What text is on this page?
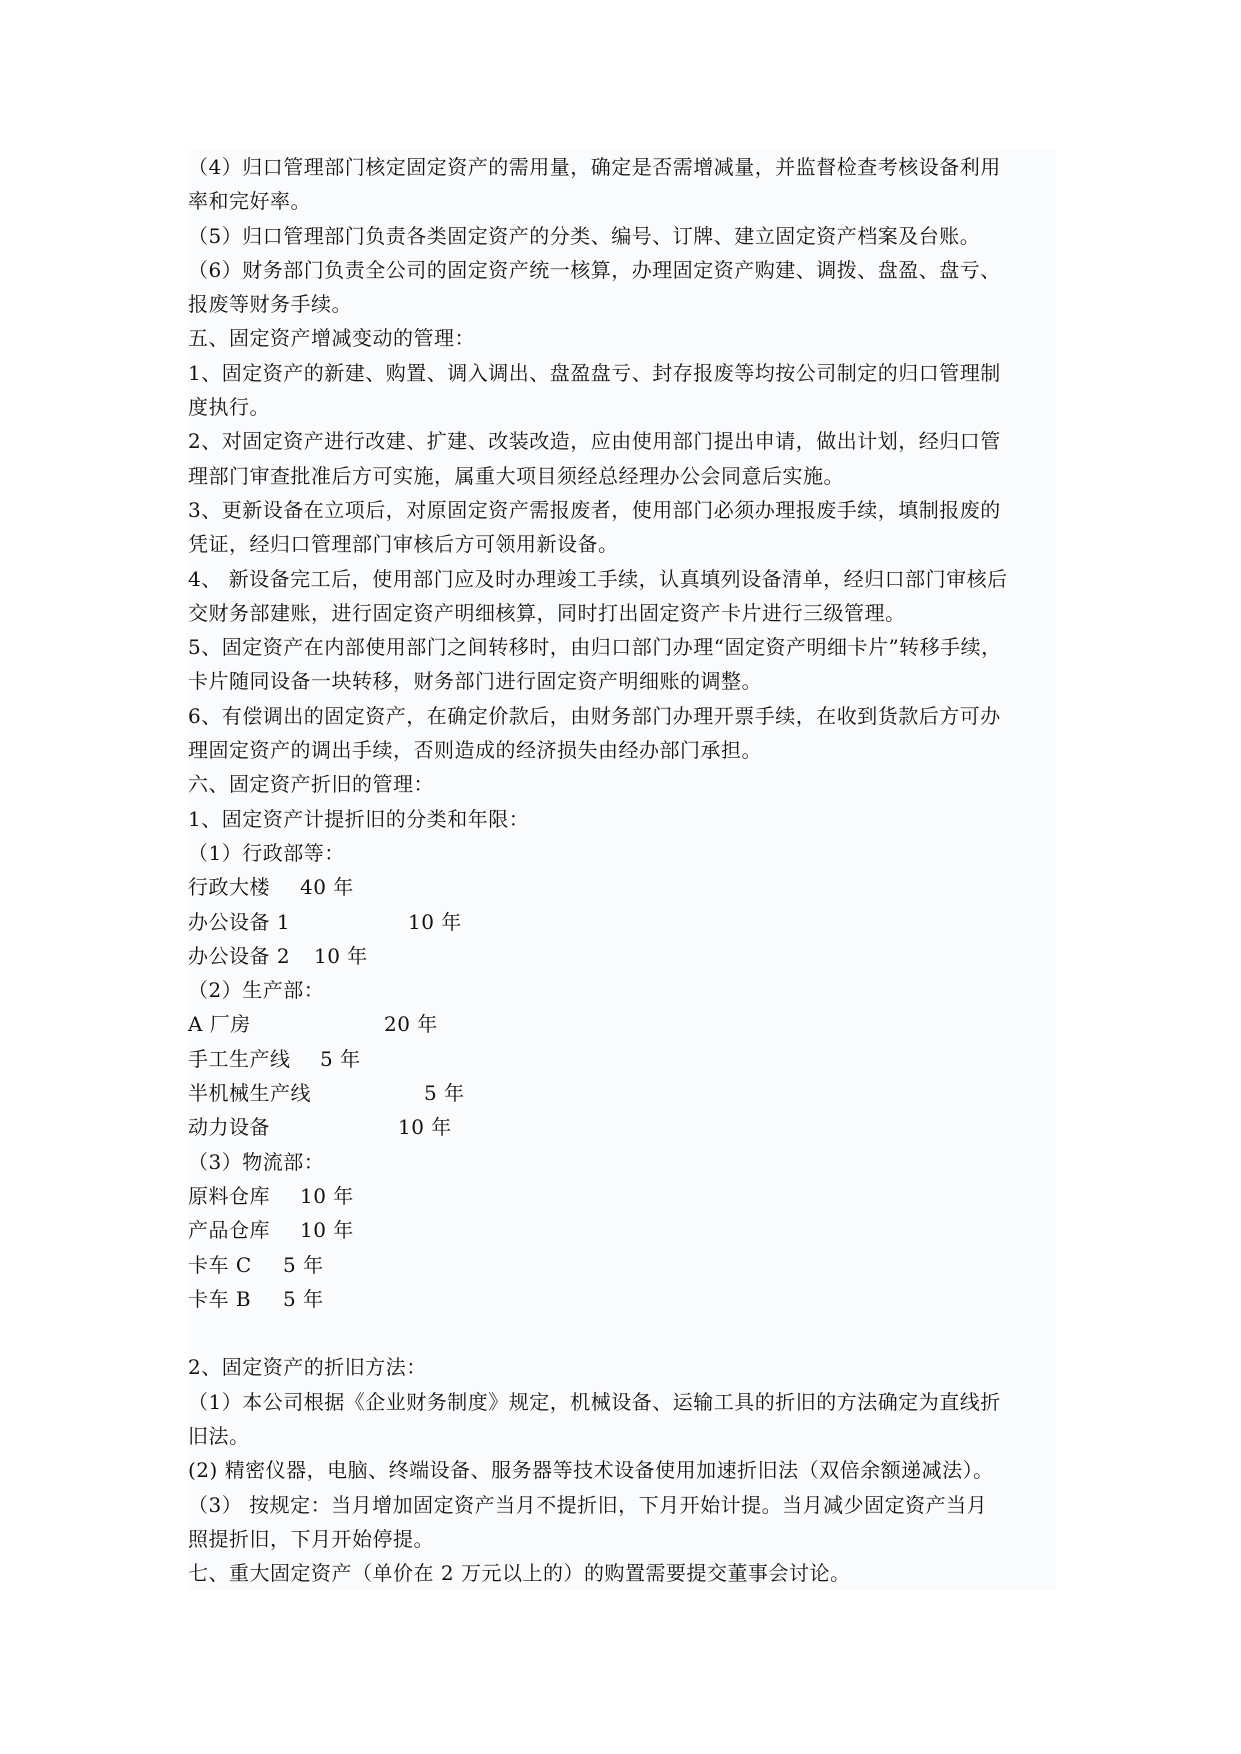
（4）归口管理部门核定固定资产的需用量，确定是否需增减量，并监督检查考核设备利用
率和完好率。
（5）归口管理部门负责各类固定资产的分类、编号、订牌、建立固定资产档案及台账。
（6）财务部门负责全公司的固定资产统一核算，办理固定资产购建、调拨、盘盈、盘亏、
报废等财务手续。
五、固定资产增减变动的管理：
1、固定资产的新建、购置、调入调出、盘盈盘亏、封存报废等均按公司制定的归口管理制
度执行。
2、对固定资产进行改建、扩建、改装改造，应由使用部门提出申请，做出计划，经归口管
理部门审查批准后方可实施，属重大项目须经总经理办公会同意后实施。
3、更新设备在立项后，对原固定资产需报废者，使用部门必须办理报废手续，填制报废的
凭证，经归口管理部门审核后方可领用新设备。
4、 新设备完工后，使用部门应及时办理竣工手续，认真填列设备清单，经归口部门审核后
交财务部建账，进行固定资产明细核算，同时打出固定资产卡片进行三级管理。
5、固定资产在内部使用部门之间转移时，由归口部门办理“固定资产明细卡片”转移手续，
卡片随同设备一块转移，财务部门进行固定资产明细账的调整。
6、有偿调出的固定资产，在确定价款后，由财务部门办理开票手续，在收到货款后方可办
理固定资产的调出手续，否则造成的经济损失由经办部门承担。
六、固定资产折旧的管理：
1、固定资产计提折旧的分类和年限：
（1）行政部等：
行政大楼	40 年
办公设备 1	10 年
办公设备 2	10 年
（2）生产部：
A 厂房	20 年
手工生产线	5 年
半机械生产线	5 年
动力设备	10 年
（3）物流部：
原料仓库	10 年
产品仓库	10 年
卡车 C	5 年
卡车 B	5 年
2、固定资产的折旧方法：
（1）本公司根据《企业财务制度》规定，机械设备、运输工具的折旧的方法确定为直线折
旧法。
(2) 精密仪器，电脑、终端设备、服务器等技术设备使用加速折旧法（双倍余额递减法）。
（3） 按规定：当月增加固定资产当月不提折旧，下月开始计提。当月减少固定资产当月
照提折旧，下月开始停提。
七、重大固定资产（单价在 2 万元以上的）的购置需要提交董事会讨论。
